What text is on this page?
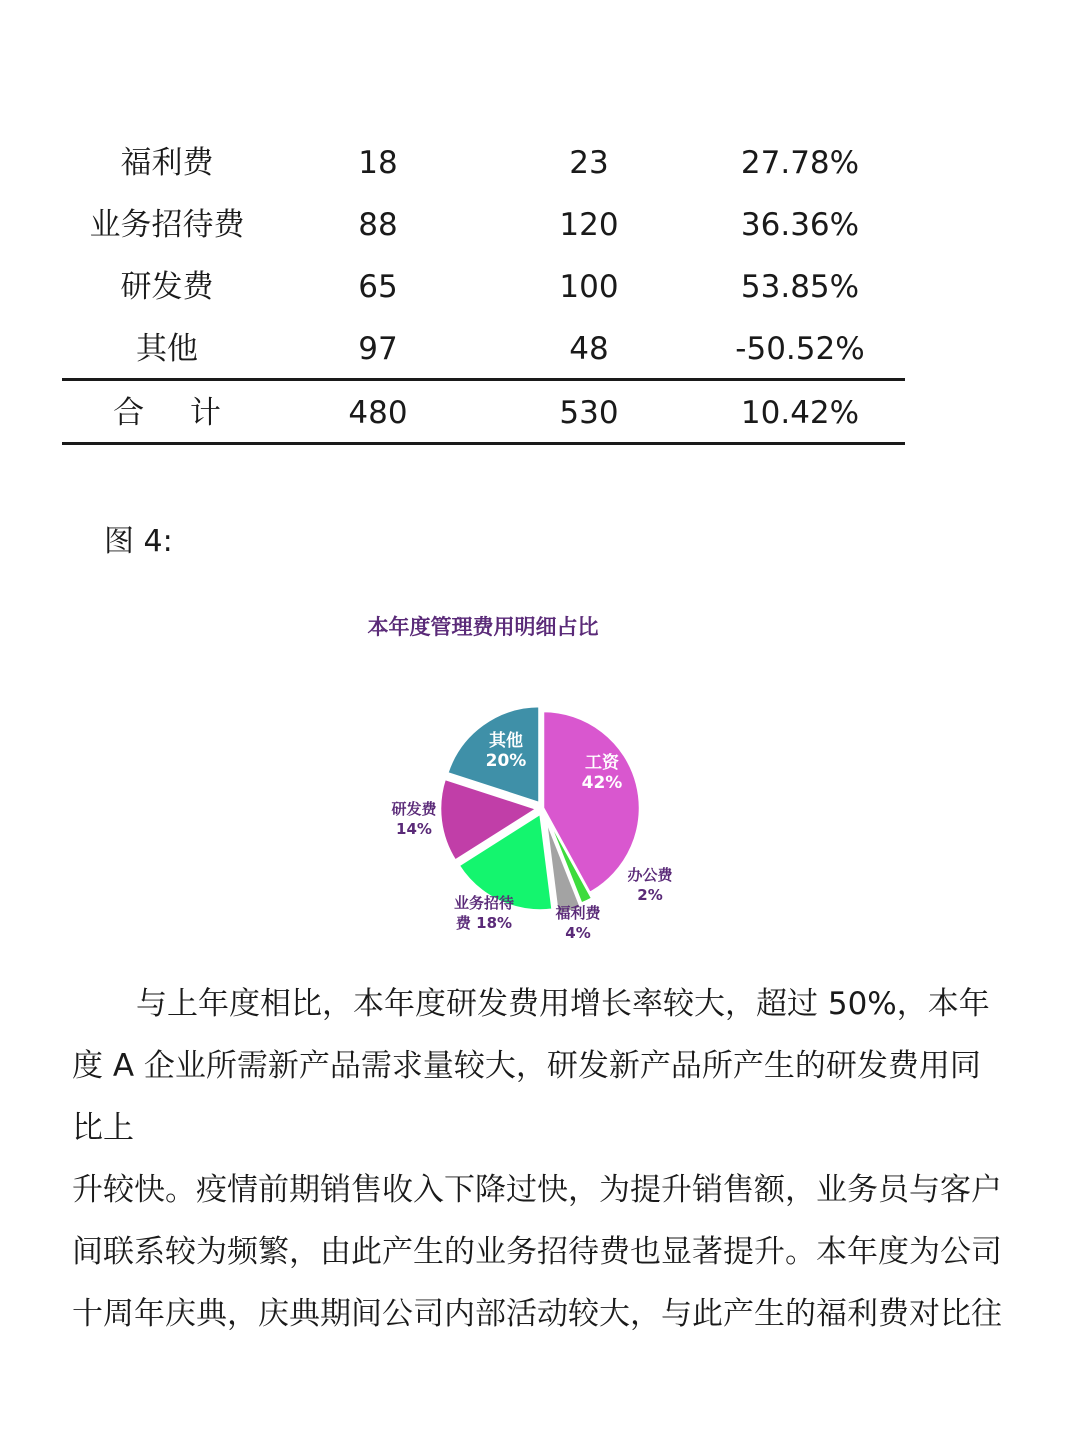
福利费	18	23	27.78%
业务招待费	88	120	36.36%
研发费	65	100	53.85%
其他	97	48	-50.52%
合 计	480	530	10.42%
图 4:
本年度管理费用明细占比
工资
42%
办公费
2%
福利费
4%
业务招待
费 18%
研发费
14%
其他
20%
与上年度相比，本年度研发费用增长率较大，超过 50%，本年
度 A 企业所需新产品需求量较大，研发新产品所产生的研发费用同
比上
升较快。疫情前期销售收入下降过快，为提升销售额，业务员与客户
间联系较为频繁，由此产生的业务招待费也显著提升。本年度为公司
十周年庆典，庆典期间公司内部活动较大，与此产生的福利费对比往
